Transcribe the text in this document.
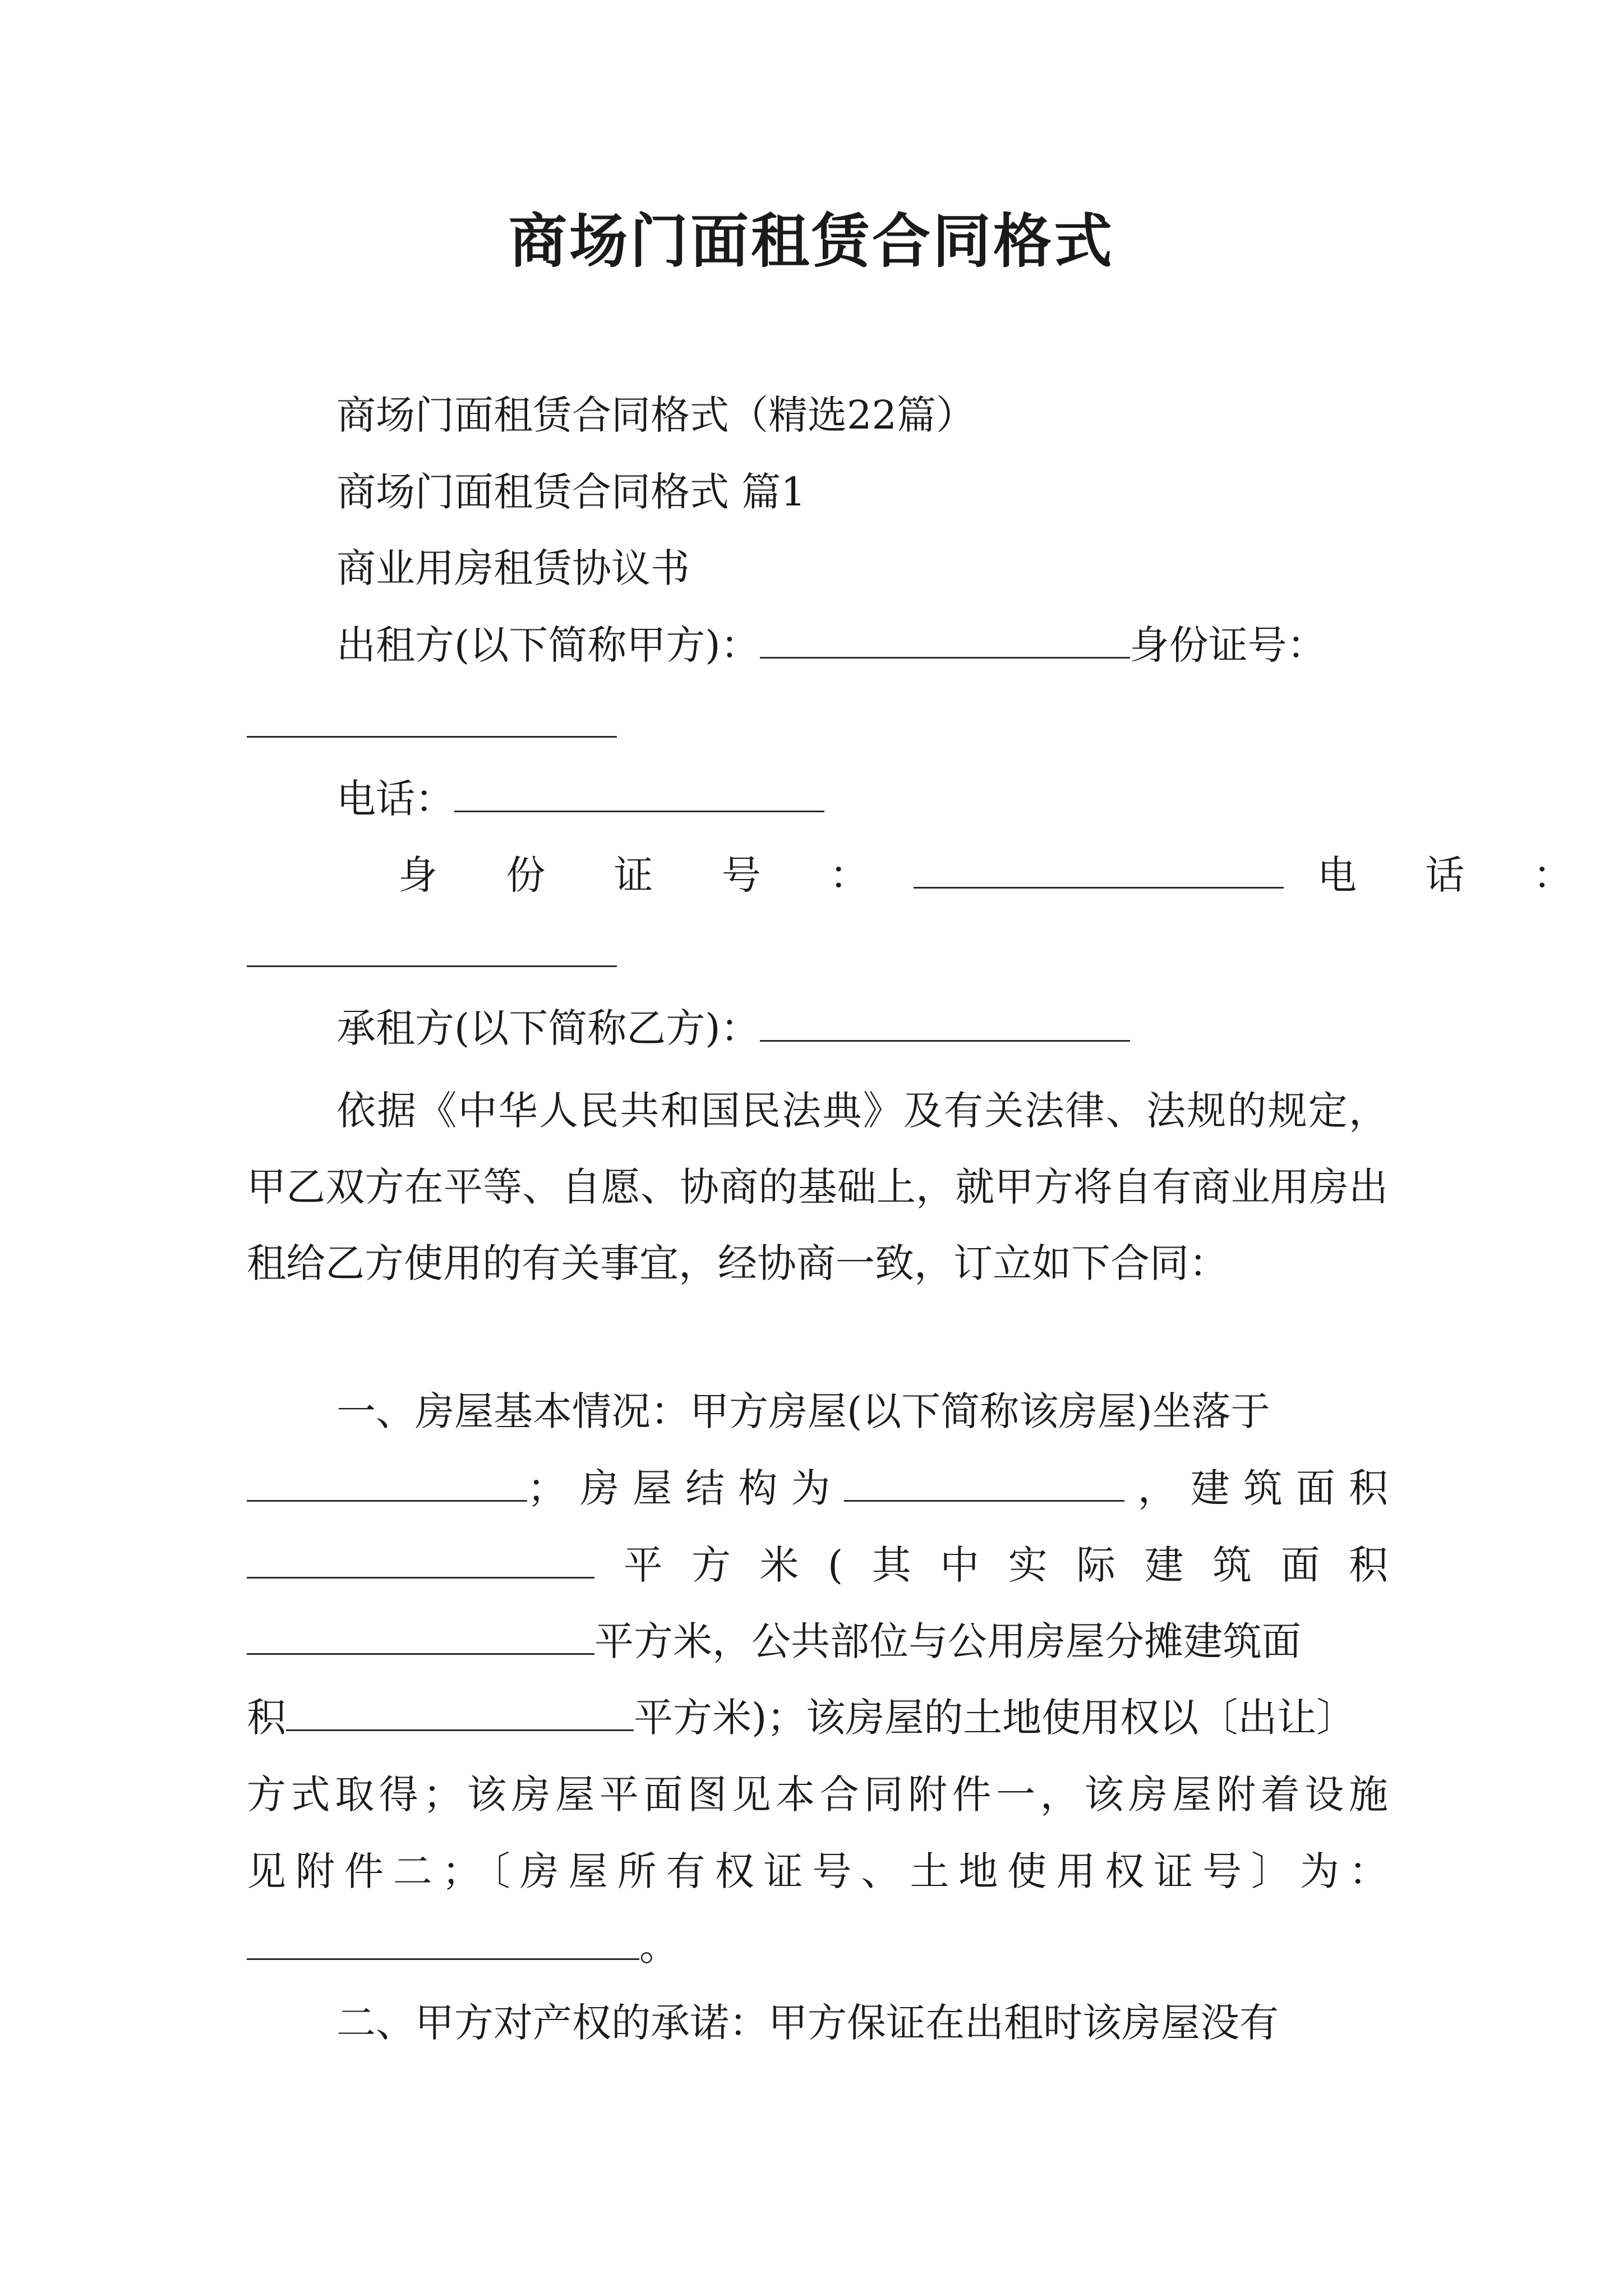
商场门面租赁合同格式
商场门面租赁合同格式（精选22篇）
商场门面租赁合同格式 篇1
商业用房租赁协议书
出租方(以下简称甲方)：	身份证号：
电话：
身 份 证 号 ：	电 话 ：
承租方(以下简称乙方)：
依据《中华人民共和国民法典》及有关法律、法规的规定，甲乙双方在平等、自愿、协商的基础上，就甲方将自有商业用房出租给乙方使用的有关事宜，经协商一致，订立如下合同：
一、房屋基本情况：甲方房屋(以下简称该房屋)坐落于
；房屋结构为	，建筑面积
平方米(其中实际建筑面积
平方米，公共部位与公用房屋分摊建筑面
积	平方米)；该房屋的土地使用权以〔出让〕
方式取得；该房屋平面图见本合同附件一，该房屋附着设施
见附件二；〔房屋所有权证号、土地使用权证号〕为：
。
二、甲方对产权的承诺：甲方保证在出租时该房屋没有
